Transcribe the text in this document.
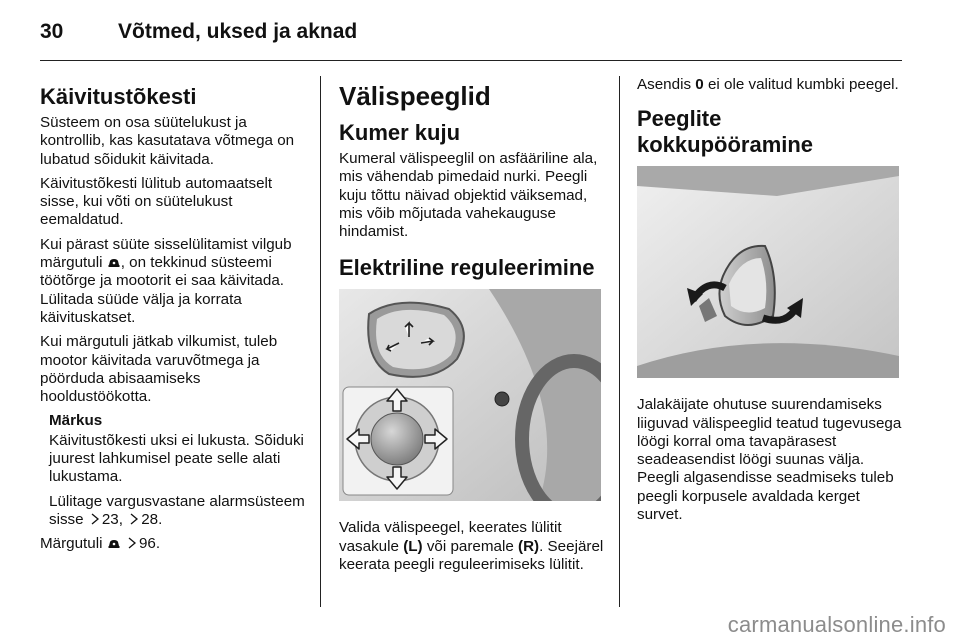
30	Võtmed, uksed ja aknad
Käivitustõkesti

Süsteem on osa süütelukust ja kontrollib, kas kasutatava võtmega on lubatud sõidukit käivitada.

Käivitustõkesti lülitub automaatselt sisse, kui võti on süütelukust eemaldatud.

Kui pärast süüte sisselülitamist vilgub märgutuli , on tekkinud süsteemi töötõrge ja mootorit ei saa käivitada. Lülitada süüde välja ja korrata käivituskatset.

Kui märgutuli jätkab vilkumist, tuleb mootor käivitada varuvõtmega ja pöörduda abisaamiseks hooldustöökotta.

Märkus

Käivitustõkesti uksi ei lukusta. Sõiduki juurest lahkumisel peate selle alati lukustama.

Lülitage vargusvastane alarmsüsteem sisse 23, 28.

Märgutuli 96.

Välispeeglid
Kumer kuju

Kumeral välispeeglil on asfääriline ala, mis vähendab pimedaid nurki. Peegli kuju tõttu näivad objektid väiksemad, mis võib mõjutada vahekauguse hindamist.

Elektriline reguleerimine

Valida välispeegel, keerates lülitit vasakule (L) või paremale (R). Seejärel keerata peegli reguleerimiseks lülitit.

Asendis 0 ei ole valitud kumbki peegel.

Peeglite kokkupööramine

Jalakäijate ohutuse suurendamiseks liiguvad välispeeglid teatud tugevusega löögi korral oma tavapärasest seadeasendist löögi suunas välja. Peegli algasendisse seadmiseks tuleb peegli korpusele avaldada kerget survet.

carmanualsonline.info
